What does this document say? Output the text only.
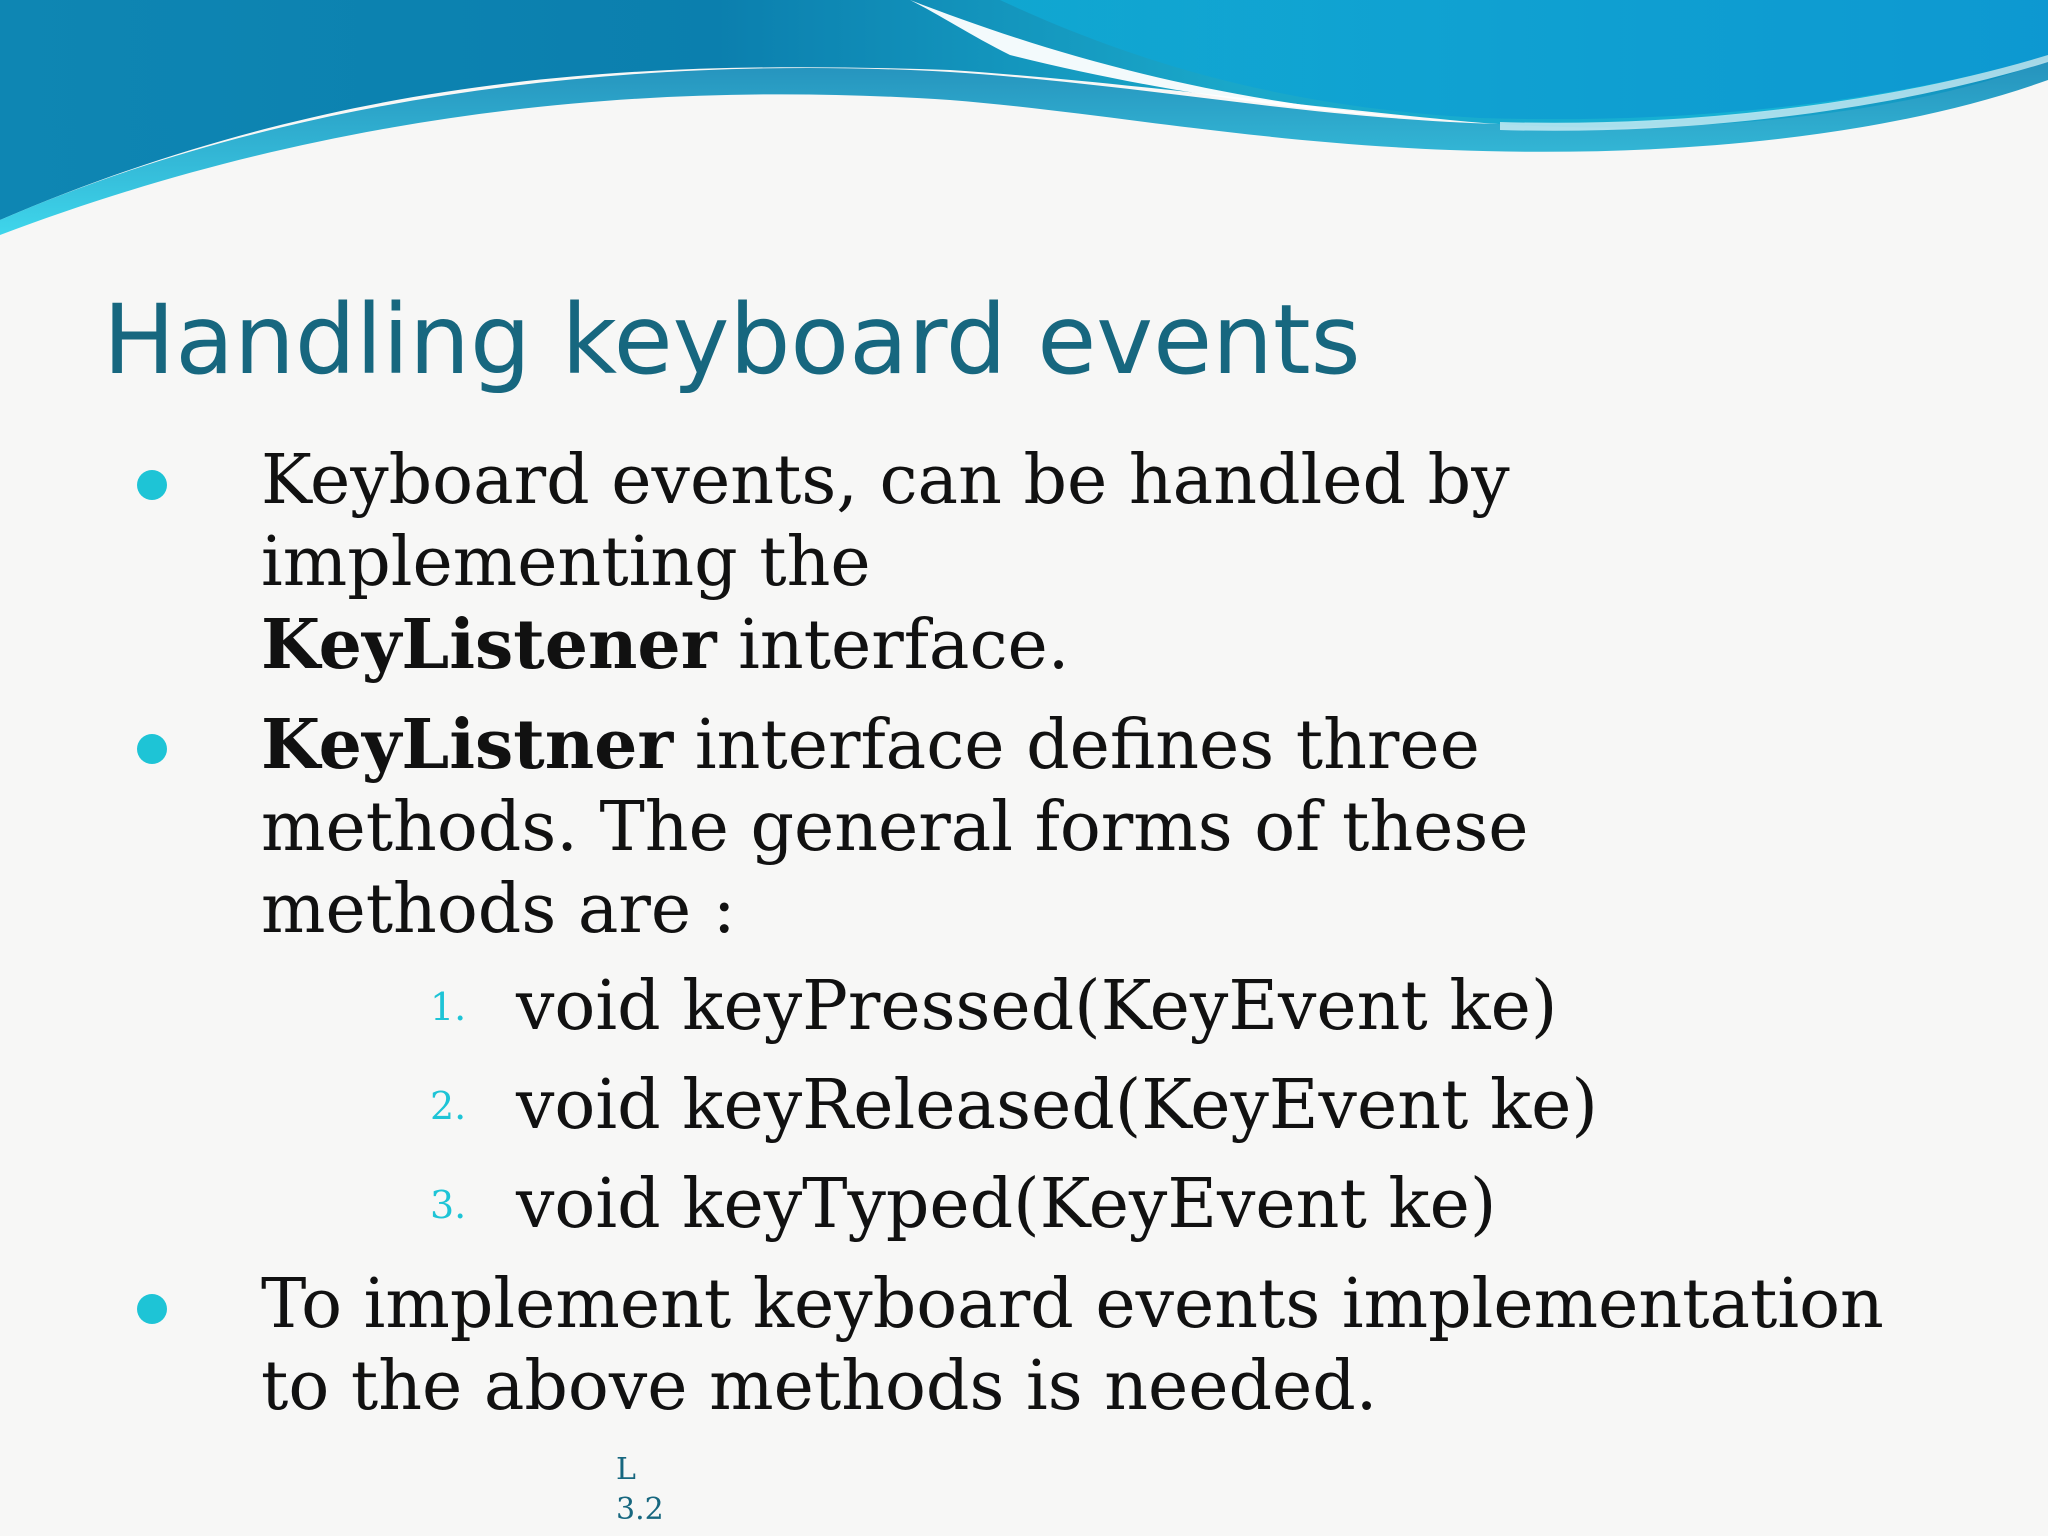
Handling keyboard events
Keyboard events, can be handled by
implementing the
KeyListener interface.
KeyListner interface defines three
methods. The general forms of these
methods are :
1. void keyPressed(KeyEvent ke)
2. void keyReleased(KeyEvent ke)
3. void keyTyped(KeyEvent ke)
To implement keyboard events implementation
to the above methods is needed.
L
3.2
